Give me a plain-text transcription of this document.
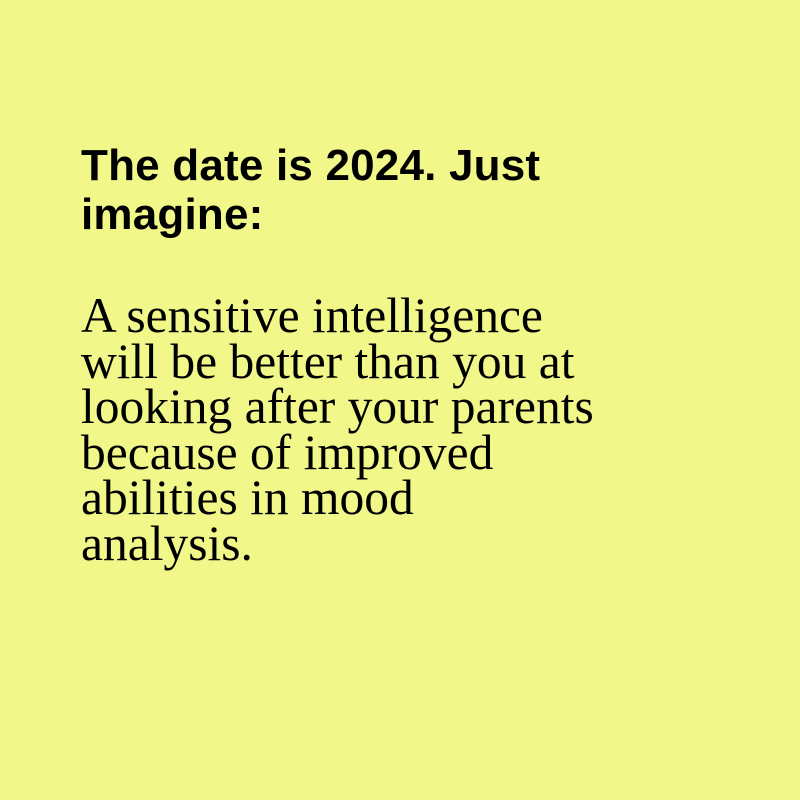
The date is 2024. Just
imagine:

A sensitive intelligence
will be better than you at
looking after your parents
because of improved
abilities in mood
analysis.
